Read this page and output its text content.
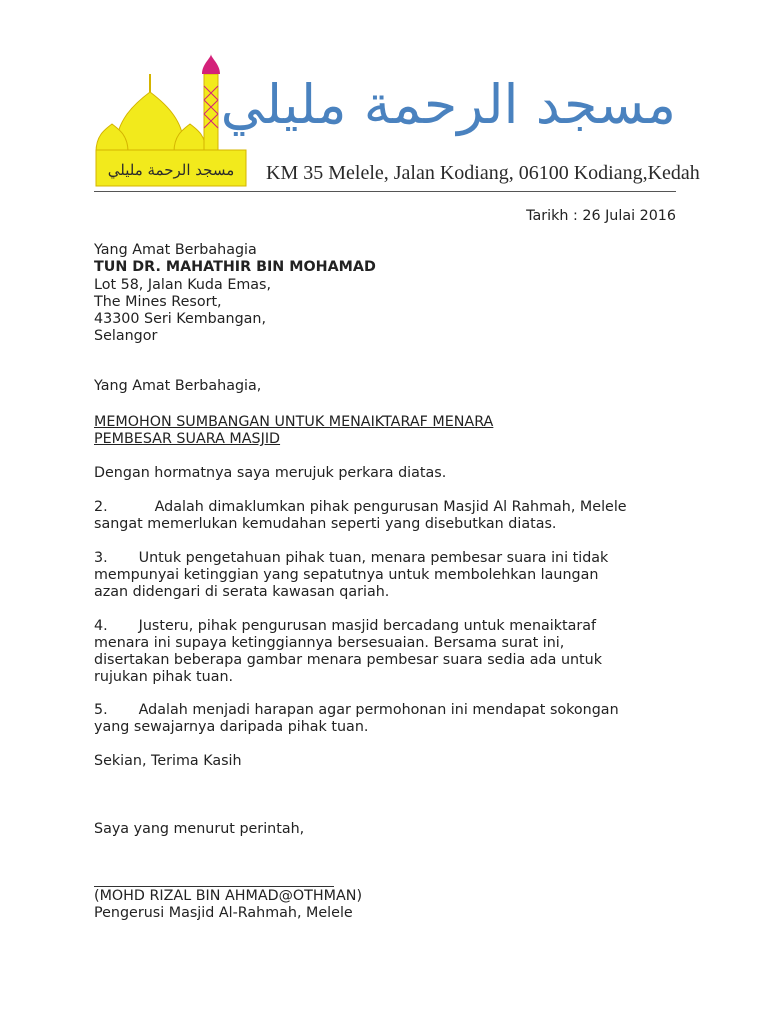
مسجد الرحمة مليلي
مسجد الرحمة مليلي
KM 35 Melele, Jalan Kodiang, 06100 Kodiang,Kedah
Tarikh : 26 Julai 2016
Yang Amat Berbahagia
TUN DR. MAHATHIR BIN MOHAMAD
Lot 58, Jalan Kuda Emas,
The Mines Resort,
43300 Seri Kembangan,
Selangor
Yang Amat Berbahagia,
MEMOHON SUMBANGAN UNTUK MENAIKTARAF MENARA
PEMBESAR SUARA MASJID
Dengan hormatnya saya merujuk perkara diatas.
2.	Adalah dimaklumkan pihak pengurusan Masjid Al Rahmah, Melele
sangat memerlukan kemudahan seperti yang disebutkan diatas.
3. Untuk pengetahuan pihak tuan, menara pembesar suara ini tidak
mempunyai ketinggian yang sepatutnya untuk membolehkan laungan
azan didengari di serata kawasan qariah.
4. Justeru, pihak pengurusan masjid bercadang untuk menaiktaraf
menara ini supaya ketinggiannya bersesuaian. Bersama surat ini,
disertakan beberapa gambar menara pembesar suara sedia ada untuk
rujukan pihak tuan.
5. Adalah menjadi harapan agar permohonan ini mendapat sokongan
yang sewajarnya daripada pihak tuan.
Sekian, Terima Kasih
Saya yang menurut perintah,
(MOHD RIZAL BIN AHMAD@OTHMAN)
Pengerusi Masjid Al-Rahmah, Melele
